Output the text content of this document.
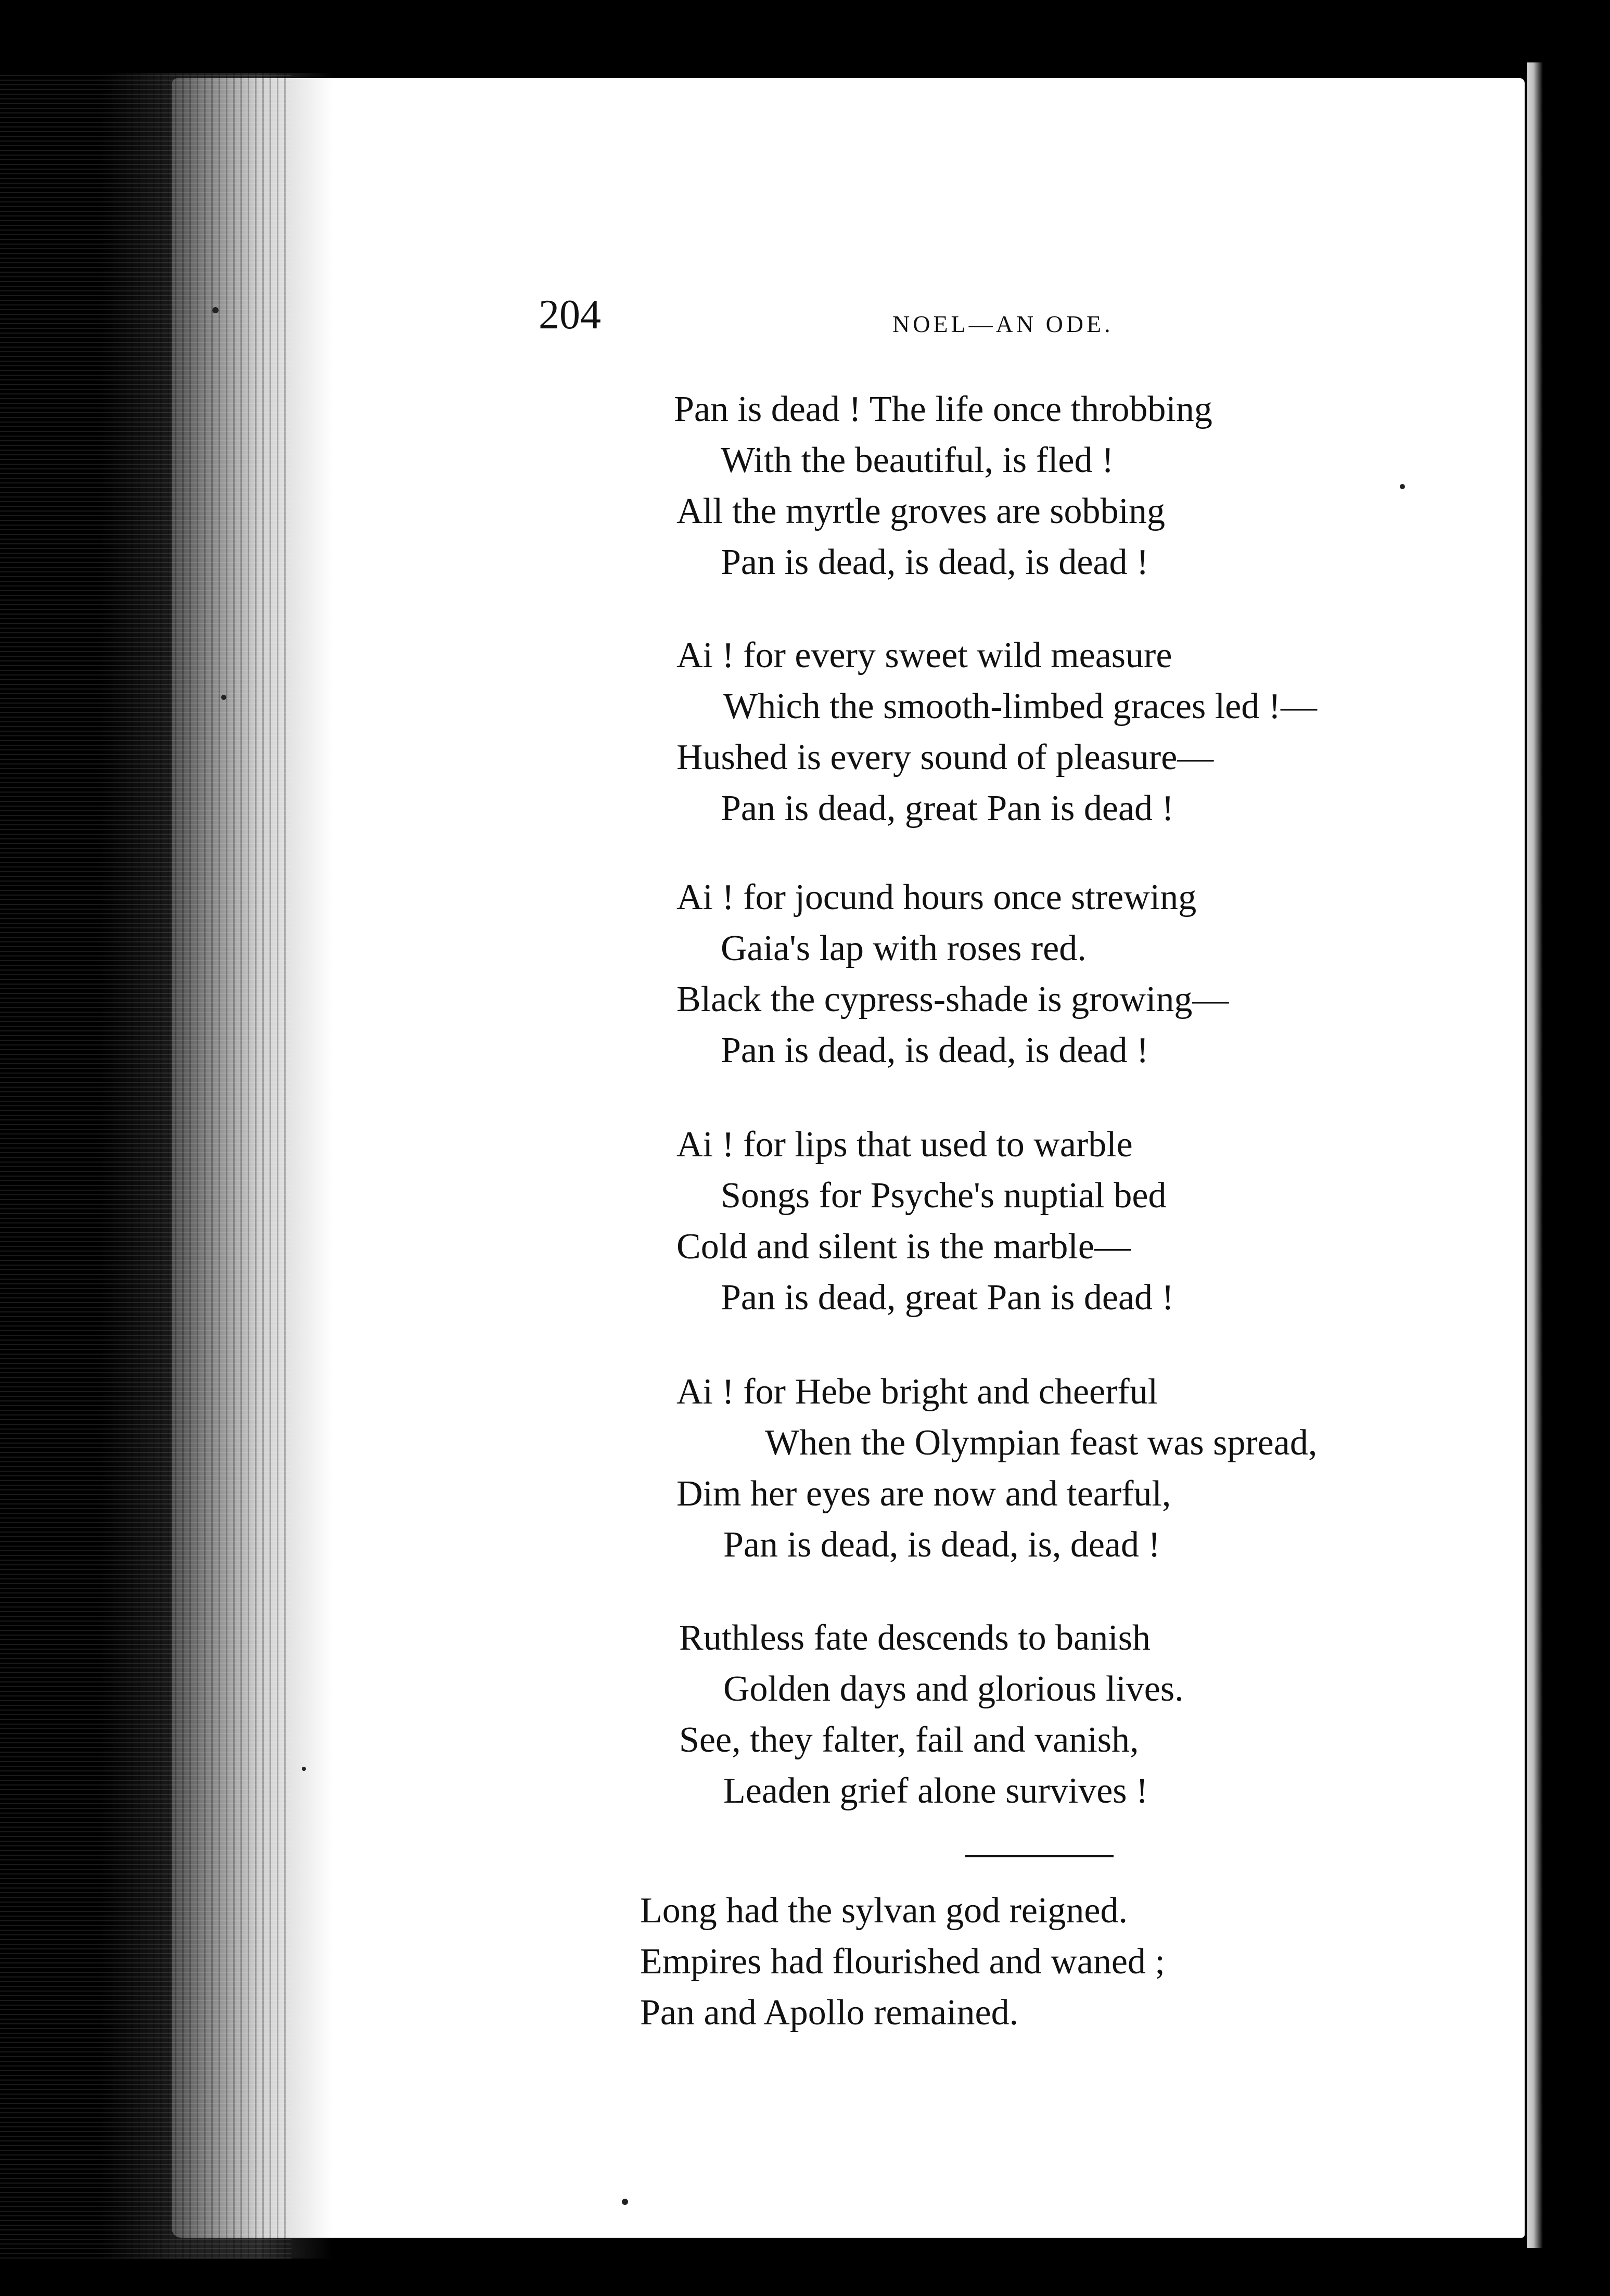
204	NOEL—AN ODE.
Pan is dead ! The life once throbbing
With the beautiful, is fled !
All the myrtle groves are sobbing
Pan is dead, is dead, is dead !
Ai ! for every sweet wild measure
Which the smooth-limbed graces led !—
Hushed is every sound of pleasure—
Pan is dead, great Pan is dead !
Ai ! for jocund hours once strewing
Gaia's lap with roses red.
Black the cypress-shade is growing—
Pan is dead, is dead, is dead !
Ai ! for lips that used to warble
Songs for Psyche's nuptial bed
Cold and silent is the marble—
Pan is dead, great Pan is dead !
Ai ! for Hebe bright and cheerful
When the Olympian feast was spread,
Dim her eyes are now and tearful,
Pan is dead, is dead, is, dead !
Ruthless fate descends to banish
Golden days and glorious lives.
See, they falter, fail and vanish,
Leaden grief alone survives !
Long had the sylvan god reigned.
Empires had flourished and waned ;
Pan and Apollo remained.
